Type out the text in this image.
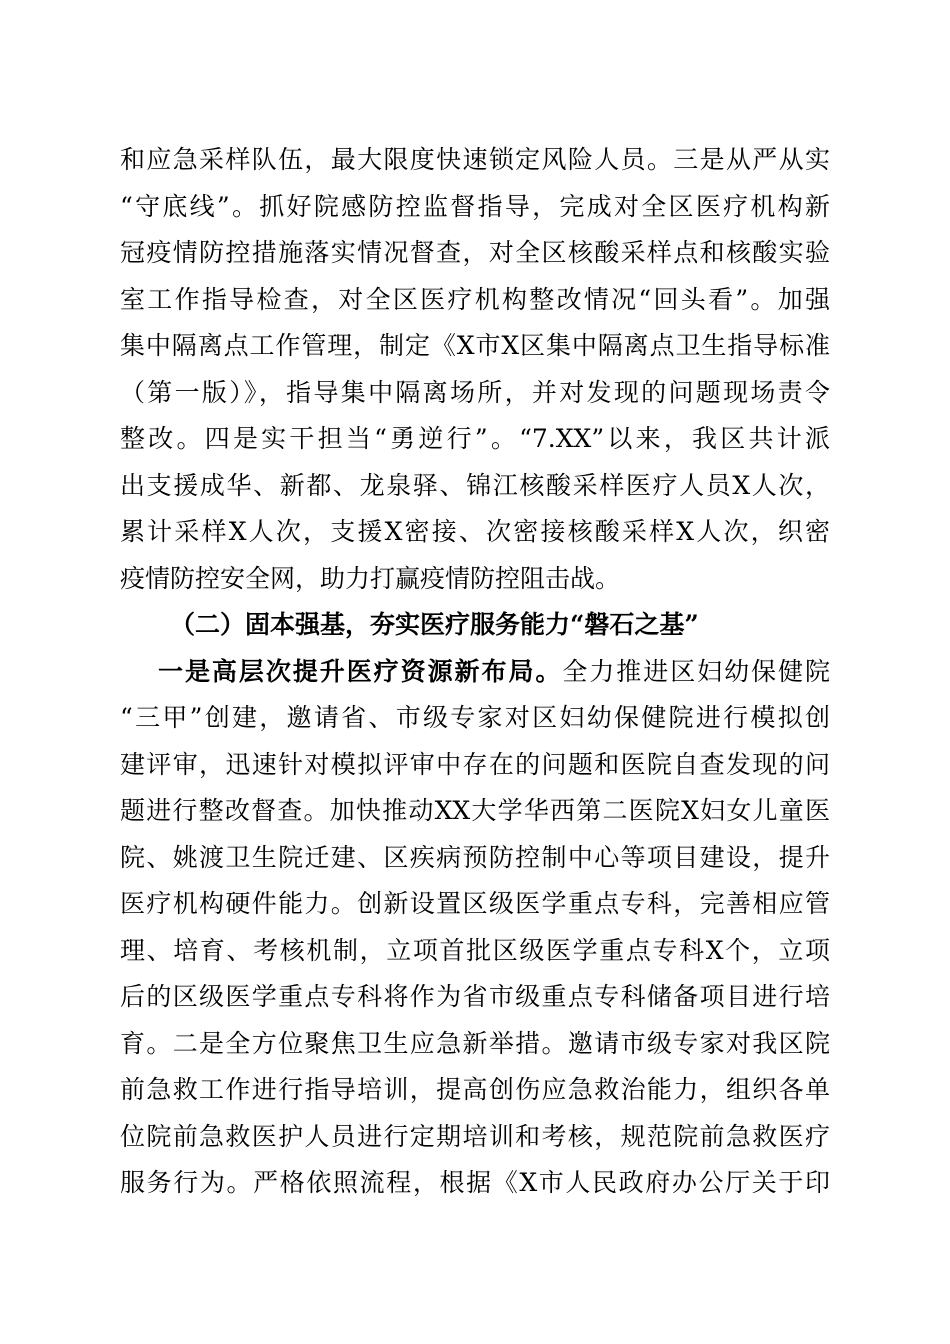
和应急采样队伍，最大限度快速锁定风险人员。三是从严从实
“守底线”。抓好院感防控监督指导，完成对全区医疗机构新
冠疫情防控措施落实情况督查，对全区核酸采样点和核酸实验
室工作指导检查，对全区医疗机构整改情况“回头看”。加强
集中隔离点工作管理，制定《X市X区集中隔离点卫生指导标准
（第一版）》，指导集中隔离场所，并对发现的问题现场责令
整改。四是实干担当“勇逆行”。“7.XX”以来，我区共计派
出支援成华、新都、龙泉驿、锦江核酸采样医疗人员X人次，
累计采样X人次，支援X密接、次密接核酸采样X人次，织密
疫情防控安全网，助力打赢疫情防控阻击战。
（二）固本强基，夯实医疗服务能力“磐石之基”
一是高层次提升医疗资源新布局。全力推进区妇幼保健院
“三甲”创建，邀请省、市级专家对区妇幼保健院进行模拟创
建评审，迅速针对模拟评审中存在的问题和医院自查发现的问
题进行整改督查。加快推动XX大学华西第二医院X妇女儿童医
院、姚渡卫生院迁建、区疾病预防控制中心等项目建设，提升
医疗机构硬件能力。创新设置区级医学重点专科，完善相应管
理、培育、考核机制，立项首批区级医学重点专科X个，立项
后的区级医学重点专科将作为省市级重点专科储备项目进行培
育。二是全方位聚焦卫生应急新举措。邀请市级专家对我区院
前急救工作进行指导培训，提高创伤应急救治能力，组织各单
位院前急救医护人员进行定期培训和考核，规范院前急救医疗
服务行为。严格依照流程，根据《X市人民政府办公厅关于印
